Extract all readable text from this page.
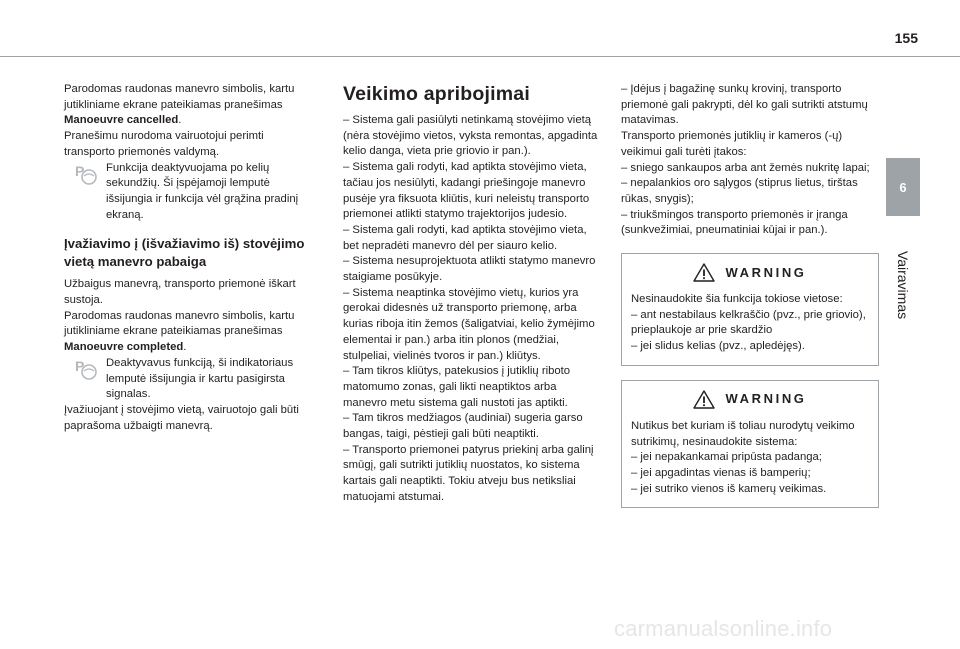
155
6
Vairavimas

Parodomas raudonas manevro simbolis, kartu jutikliniame ekrane pateikiamas pranešimas Manoeuvre cancelled.

Pranešimu nurodoma vairuotojui perimti transporto priemonės valdymą.

P Funkcija deaktyvuojama po kelių sekundžių. Ši įspėjamoji lemputė išsijungia ir funkcija vėl grąžina pradinį ekraną.
Įvažiavimo į (išvažiavimo iš) stovėjimo vietą manevro pabaiga

Užbaigus manevrą, transporto priemonė iškart sustoja.

Parodomas raudonas manevro simbolis, kartu jutikliniame ekrane pateikiamas pranešimas Manoeuvre completed.

P Deaktyvavus funkciją, ši indikatoriaus lemputė išsijungia ir kartu pasigirsta signalas.

Įvažiuojant į stovėjimo vietą, vairuotojo gali būti paprašoma užbaigti manevrą.

Veikimo apribojimai

– Sistema gali pasiūlyti netinkamą stovėjimo vietą (nėra stovėjimo vietos, vyksta remontas, apgadinta kelio danga, vieta prie griovio ir pan.).

– Sistema gali rodyti, kad aptikta stovėjimo vieta, tačiau jos nesiūlyti, kadangi priešingoje manevro pusėje yra fiksuota kliūtis, kuri neleistų transporto priemonei atlikti statymo trajektorijos judesio.

– Sistema gali rodyti, kad aptikta stovėjimo vieta, bet nepradėti manevro dėl per siauro kelio.

– Sistema nesuprojektuota atlikti statymo manevro staigiame posūkyje.

– Sistema neaptinka stovėjimo vietų, kurios yra gerokai didesnės už transporto priemonę, arba kurias riboja itin žemos (šaligatviai, kelio žymėjimo elementai ir pan.) arba itin plonos (medžiai, stulpeliai, vielinės tvoros ir pan.) kliūtys.

– Tam tikros kliūtys, patekusios į jutiklių riboto matomumo zonas, gali likti neaptiktos arba manevro metu sistema gali nustoti jas aptikti.

– Tam tikros medžiagos (audiniai) sugeria garso bangas, taigi, pėstieji gali būti neaptikti.

– Transporto priemonei patyrus priekinį arba galinį smūgį, gali sutrikti jutiklių nuostatos, ko sistema kartais gali neaptikti. Tokiu atveju bus netiksliai matuojami atstumai.

– Įdėjus į bagažinę sunkų krovinį, transporto priemonė gali pakrypti, dėl ko gali sutrikti atstumų matavimas.

Transporto priemonės jutiklių ir kameros (-ų) veikimui gali turėti įtakos:

– sniego sankaupos arba ant žemės nukritę lapai;

– nepalankios oro sąlygos (stiprus lietus, tirštas rūkas, snygis);

– triukšmingos transporto priemonės ir įranga (sunkvežimiai, pneumatiniai kūjai ir pan.).

WARNING

Nesinaudokite šia funkcija tokiose vietose:

– ant nestabilaus kelkraščio (pvz., prie griovio), prieplaukoje ar prie skardžio

– jei slidus kelias (pvz., apledėjęs).

WARNING

Nutikus bet kuriam iš toliau nurodytų veikimo sutrikimų, nesinaudokite sistema:

– jei nepakankamai pripūsta padanga;

– jei apgadintas vienas iš bamperių;

– jei sutriko vienos iš kamerų veikimas.

carmanualsonline.info
